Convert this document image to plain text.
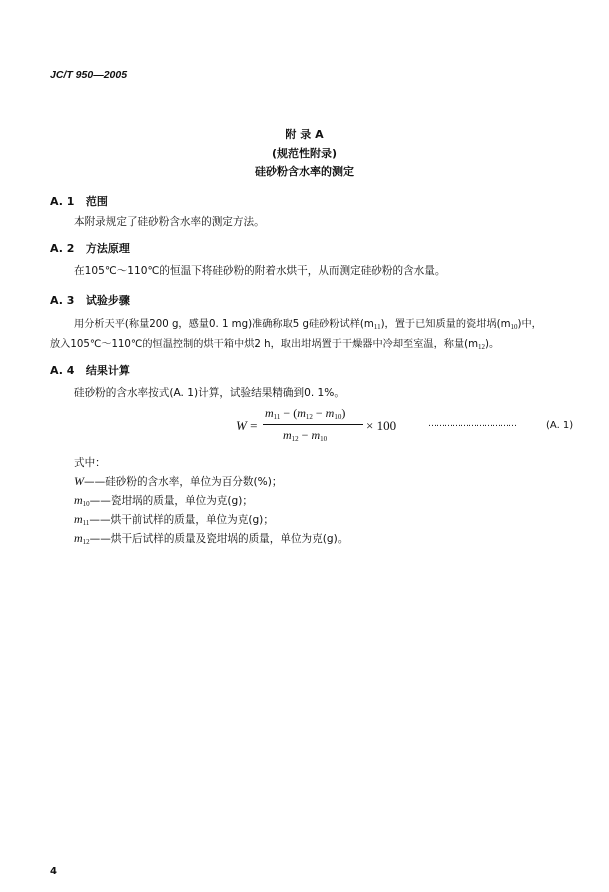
JC/T 950—2005
附 录 A
(规范性附录)
硅砂粉含水率的测定
A. 1 范围
本附录规定了硅砂粉含水率的测定方法。
A. 2 方法原理
在105℃～110℃的恒温下将硅砂粉的附着水烘干，从而测定硅砂粉的含水量。
A. 3 试验步骤
用分析天平(称量200 g，感量0. 1 mg)准确称取5 g硅砂粉试样$(m_{11})$，置于已知质量的瓷坩埚$(m_{10})$中，
放入105℃～110℃的恒温控制的烘干箱中烘2 h，取出坩埚置于干燥器中冷却至室温，称量$(m_{12})$。
A. 4 结果计算
硅砂粉的含水率按式(A. 1)计算，试验结果精确到0. 1%。
W =
$m_{11} - (m_{12} - m_{10})$
$m_{12} - m_{10}$
× 100	……………………………	(A. 1)
式中：
W——硅砂粉的含水率，单位为百分数(%)；
$m_{10}——$瓷坩埚的质量，单位为克(g)；
$m_{11}——$烘干前试样的质量，单位为克(g)；
$m_{12}——$烘干后试样的质量及瓷坩埚的质量，单位为克(g)。
4
